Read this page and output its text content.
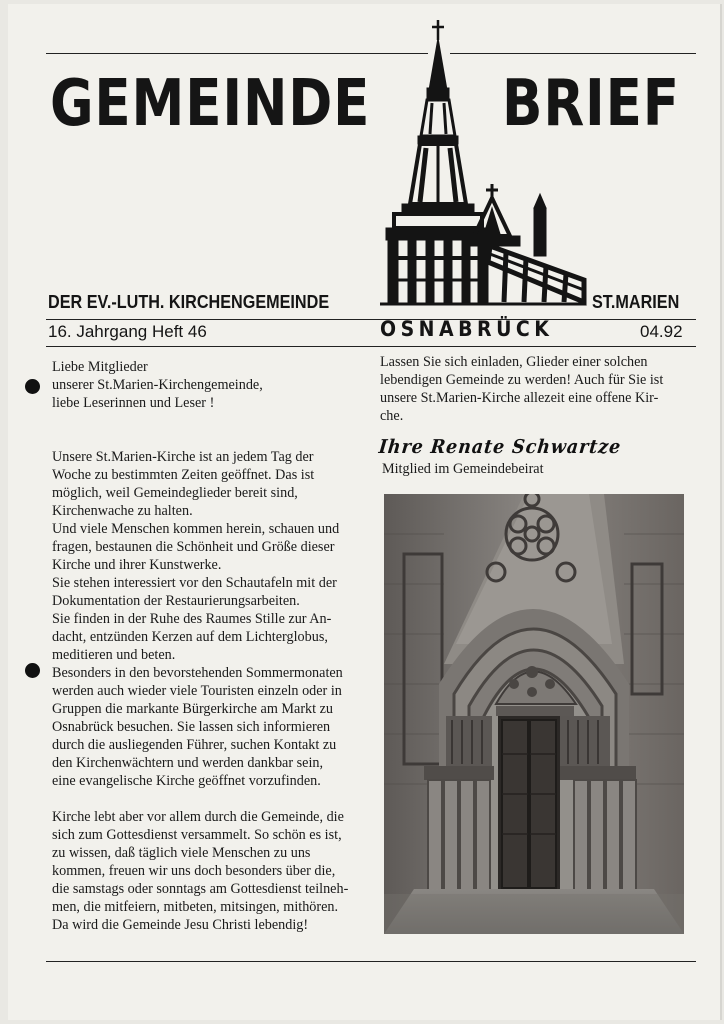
GEMEINDE BRIEF
DER EV.-LUTH. KIRCHENGEMEINDE	ST.MARIEN
16. Jahrgang Heft 46	OSNABRÜCK	04.92

Liebe Mitglieder
unserer St.Marien-Kirchengemeinde,
liebe Leserinnen und Leser !

Unsere St.Marien-Kirche ist an jedem Tag der
Woche zu bestimmten Zeiten geöffnet. Das ist
möglich, weil Gemeindeglieder bereit sind,
Kirchenwache zu halten.
Und viele Menschen kommen herein, schauen und
fragen, bestaunen die Schönheit und Größe dieser
Kirche und ihrer Kunstwerke.
Sie stehen interessiert vor den Schautafeln mit der
Dokumentation der Restaurierungsarbeiten.
Sie finden in der Ruhe des Raumes Stille zur An-
dacht, entzünden Kerzen auf dem Lichterglobus,
meditieren und beten.

Besonders in den bevorstehenden Sommermonaten
werden auch wieder viele Touristen einzeln oder in
Gruppen die markante Bürgerkirche am Markt zu
Osnabrück besuchen. Sie lassen sich informieren
durch die ausliegenden Führer, suchen Kontakt zu
den Kirchenwächtern und werden dankbar sein,
eine evangelische Kirche geöffnet vorzufinden.

Kirche lebt aber vor allem durch die Gemeinde, die
sich zum Gottesdienst versammelt. So schön es ist,
zu wissen, daß täglich viele Menschen zu uns
kommen, freuen wir uns doch besonders über die,
die samstags oder sonntags am Gottesdienst teilneh-
men, die mitfeiern, mitbeten, mitsingen, mithören.
Da wird die Gemeinde Jesu Christi lebendig!

Lassen Sie sich einladen, Glieder einer solchen
lebendigen Gemeinde zu werden! Auch für Sie ist
unsere St.Marien-Kirche allezeit eine offene Kir-
che.

Ihre Renate Schwartze
Mitglied im Gemeindebeirat
